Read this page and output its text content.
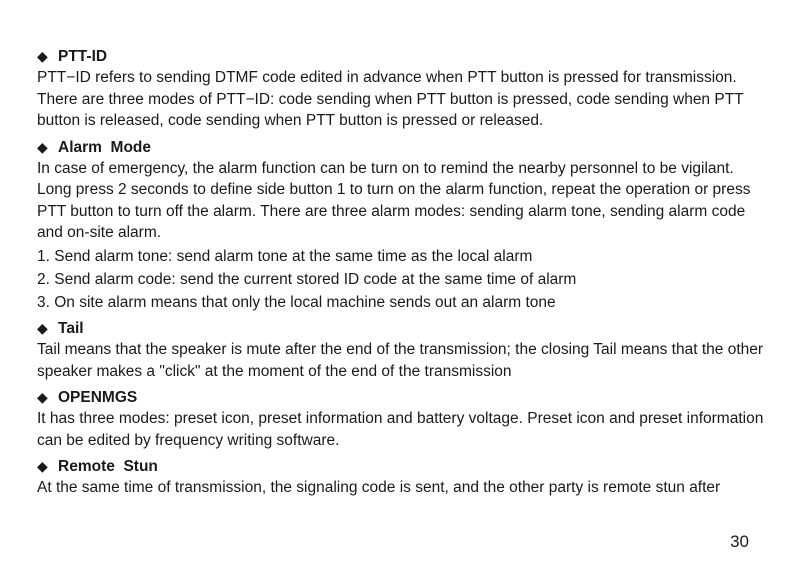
◆ PTT-ID

PTT−ID refers to sending DTMF code edited in advance when PTT button is pressed for transmission. There are three modes of PTT−ID: code sending when PTT button is pressed, code sending when PTT button is released, code sending when PTT button is pressed or released.

◆ Alarm  Mode

In case of emergency, the alarm function can be turn on to remind the nearby personnel to be vigilant. Long press 2 seconds to define side button 1 to turn on the alarm function, repeat the operation or press PTT button to turn off the alarm. There are three alarm modes: sending alarm tone, sending alarm code and on-site alarm.

1. Send alarm tone: send alarm tone at the same time as the local alarm
2. Send alarm code: send the current stored ID code at the same time of alarm
3. On site alarm means that only the local machine sends out an alarm tone
◆ Tail

Tail means that the speaker is mute after the end of the transmission; the closing Tail means that the other speaker makes a "click" at the moment of the end of the transmission

◆ OPENMGS

It has three modes: preset icon, preset information and battery voltage. Preset icon and preset information can be edited by frequency writing software.

◆ Remote  Stun

At the same time of transmission, the signaling code is sent, and the other party is remote stun after

30
